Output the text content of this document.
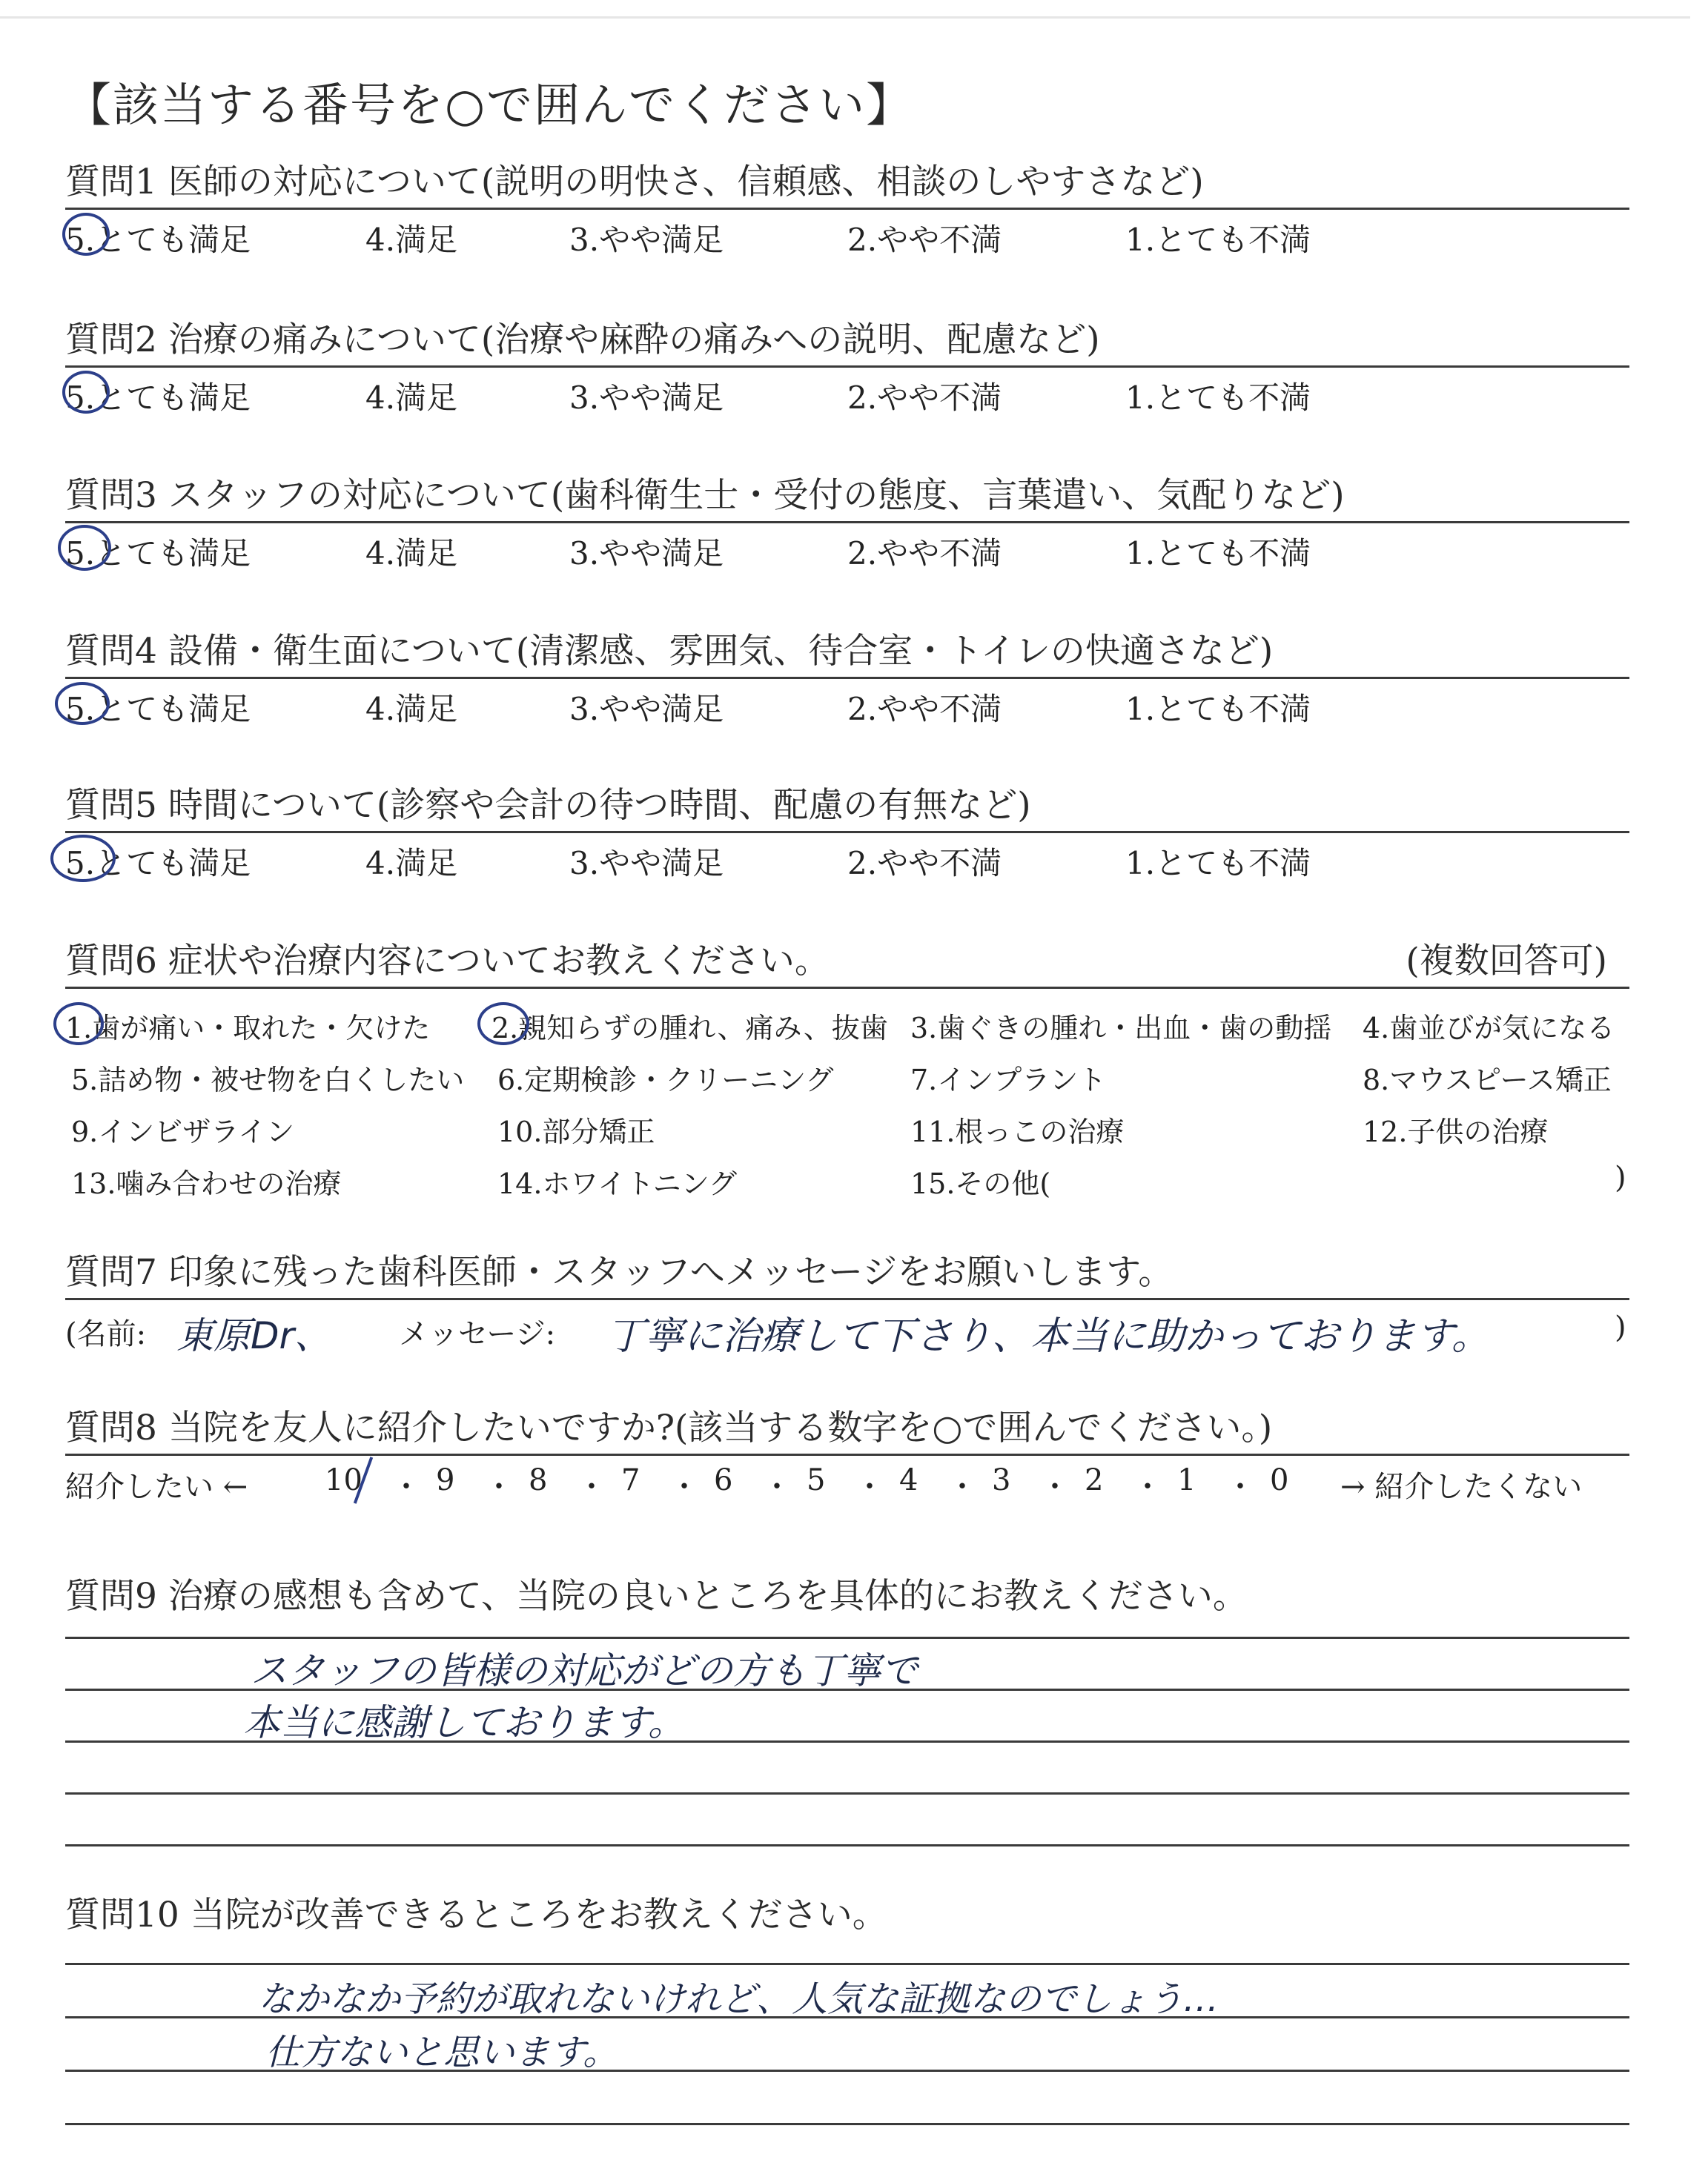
【該当する番号を○で囲んでください】
質問1 医師の対応について(説明の明快さ、信頼感、相談のしやすさなど)
5.とても満足	4.満足	3.やや満足	2.やや不満	1.とても不満
質問2 治療の痛みについて(治療や麻酔の痛みへの説明、配慮など)
5.とても満足	4.満足	3.やや満足	2.やや不満	1.とても不満
質問3 スタッフの対応について(歯科衛生士・受付の態度、言葉遣い、気配りなど)
5.とても満足	4.満足	3.やや満足	2.やや不満	1.とても不満
質問4 設備・衛生面について(清潔感、雰囲気、待合室・トイレの快適さなど)
5.とても満足	4.満足	3.やや満足	2.やや不満	1.とても不満
質問5 時間について(診察や会計の待つ時間、配慮の有無など)
5.とても満足	4.満足	3.やや満足	2.やや不満	1.とても不満
質問6 症状や治療内容についてお教えください。	(複数回答可)
1.歯が痛い・取れた・欠けた 2.親知らずの腫れ、痛み、抜歯 3.歯ぐきの腫れ・出血・歯の動揺 4.歯並びが気になる
5.詰め物・被せ物を白くしたい 6.定期検診・クリーニング	7.インプラント	8.マウスピース矯正
9.インビザライン	10.部分矯正	11.根っこの治療	12.子供の治療
13.噛み合わせの治療	14.ホワイトニング	15.その他(	)
質問7 印象に残った歯科医師・スタッフへメッセージをお願いします。
(名前: 東原Dr、 メッセージ: 丁寧に治療して下さり、本当に助かっております。	)
質問8 当院を友人に紹介したいですか?(該当する数字を○で囲んでください。)
紹介したい ←	10 ・ 9 ・ 8 ・ 7 ・ 6 ・ 5 ・ 4 ・ 3 ・ 2 ・ 1 ・ 0 → 紹介したくない
質問9 治療の感想も含めて、当院の良いところを具体的にお教えください。
スタッフの皆様の対応がどの方も丁寧で
本当に感謝しております。
質問10 当院が改善できるところをお教えください。
なかなか予約が取れないけれど、人気な証拠なのでしょう…
仕方ないと思います。
